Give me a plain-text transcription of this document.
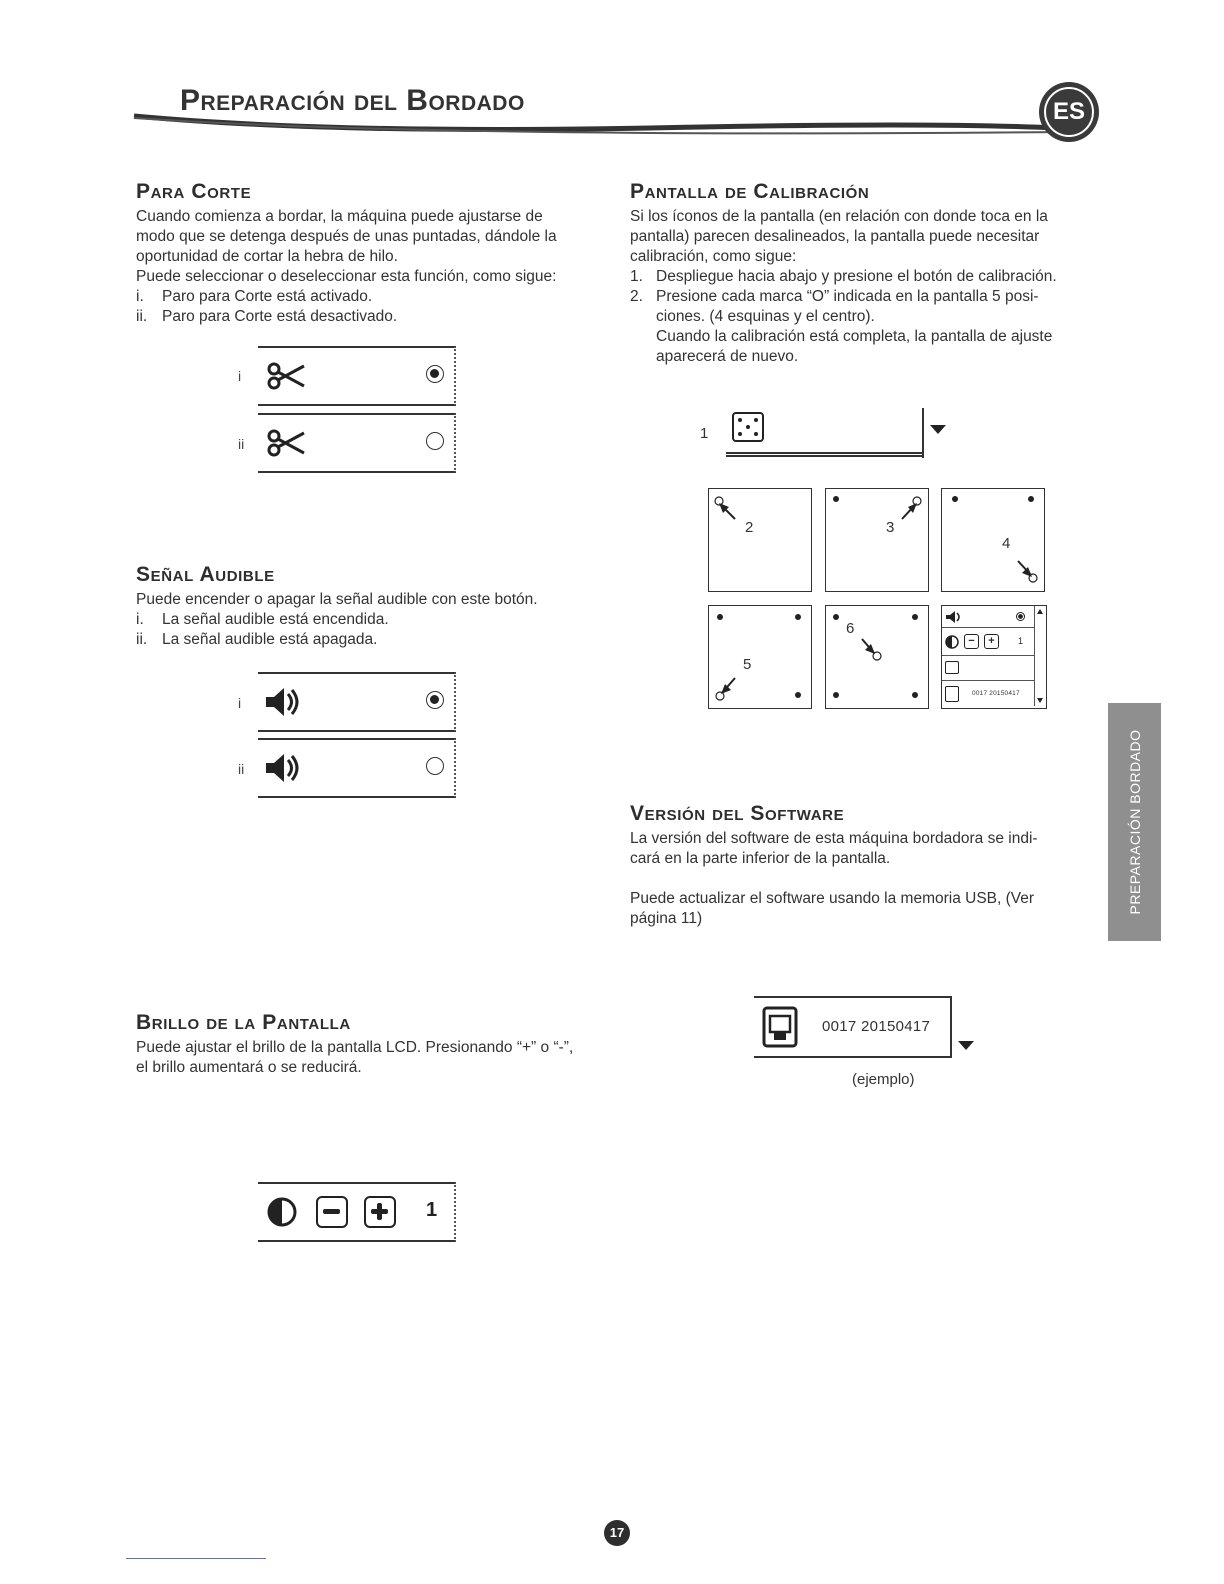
Preparación del Bordado	ES
Para Corte

Cuando comienza a bordar, la máquina puede ajustarse de

modo que se detenga después de unas puntadas, dándole la

oportunidad de cortar la hebra de hilo.

Puede seleccionar o deseleccionar esta función, como sigue:

i. Paro para Corte está activado.
ii. Paro para Corte está desactivado.
i
ii
Señal Audible

Puede encender o apagar la señal audible con este botón.

i. La señal audible está encendida.
ii. La señal audible está apagada.
i
ii
Brillo de la Pantalla

Puede ajustar el brillo de la pantalla LCD. Presionando “+” o “-”,

el brillo aumentará o se reducirá.

1
Pantalla de Calibración

Si los íconos de la pantalla (en relación con donde toca en la

pantalla) parecen desalineados, la pantalla puede necesitar

calibración, como sigue:

1. Despliegue hacia abajo y presione el botón de calibración.
2. Presione cada marca “O” indicada en la pantalla 5 posi-
ciones. (4 esquinas y el centro).
Cuando la calibración está completa, la pantalla de ajuste
aparecerá de nuevo.
1
2	3
4
5
6
−	+	1
0017 20150417
Versión del Software

La versión del software de esta máquina bordadora se indi-

cará en la parte inferior de la pantalla.

Puede actualizar el software usando la memoria USB, (Ver

página 11)

0017 20150417
(ejemplo)
PREPARACIÓN BORDADO
17
